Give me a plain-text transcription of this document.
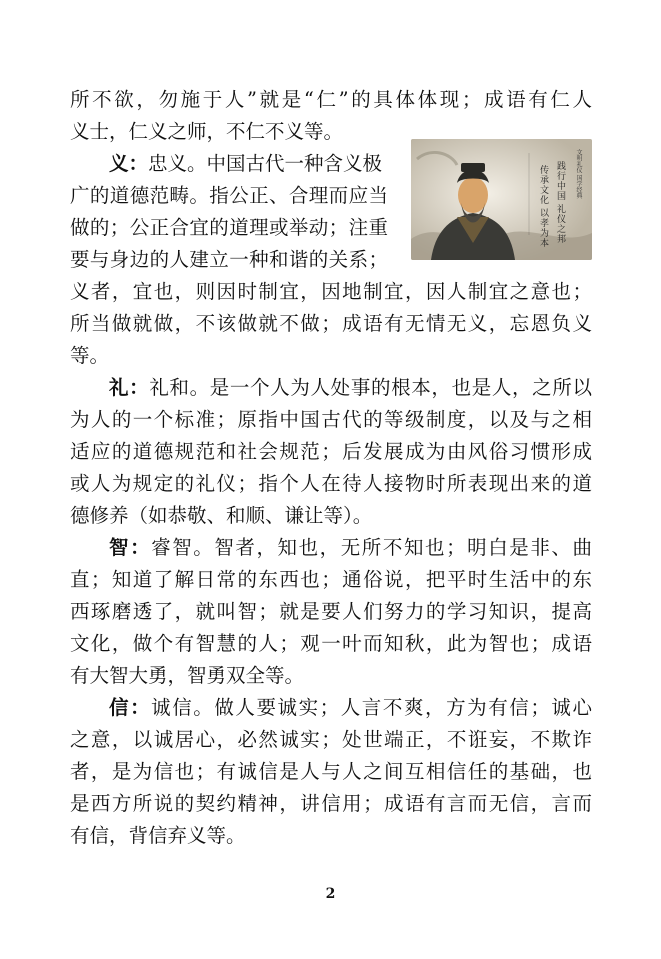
所不欲，勿施于人”就是“仁”的具体体现；成语有仁人
义士，仁义之师，不仁不义等。
义：忠义。中国古代一种含义极
广的道德范畴。指公正、合理而应当
做的；公正合宜的道理或举动；注重
要与身边的人建立一种和谐的关系；
义者，宜也，则因时制宜，因地制宜，因人制宜之意也；
所当做就做，不该做就不做；成语有无情无义，忘恩负义
等。
礼：礼和。是一个人为人处事的根本，也是人，之所以
为人的一个标准；原指中国古代的等级制度，以及与之相
适应的道德规范和社会规范；后发展成为由风俗习惯形成
或人为规定的礼仪；指个人在待人接物时所表现出来的道
德修养（如恭敬、和顺、谦让等）。
智：睿智。智者，知也，无所不知也；明白是非、曲
直；知道了解日常的东西也；通俗说，把平时生活中的东
西琢磨透了，就叫智；就是要人们努力的学习知识，提高
文化，做个有智慧的人；观一叶而知秋，此为智也；成语
有大智大勇，智勇双全等。
信：诚信。做人要诚实；人言不爽，方为有信；诚心
之意，以诚居心，必然诚实；处世端正，不诳妄，不欺诈
者，是为信也；有诚信是人与人之间互相信任的基础，也
是西方所说的契约精神，讲信用；成语有言而无信，言而
有信，背信弃义等。
践行中国 礼仪之邦
传承文化 以孝为本	文明礼仪 国学经典
2
